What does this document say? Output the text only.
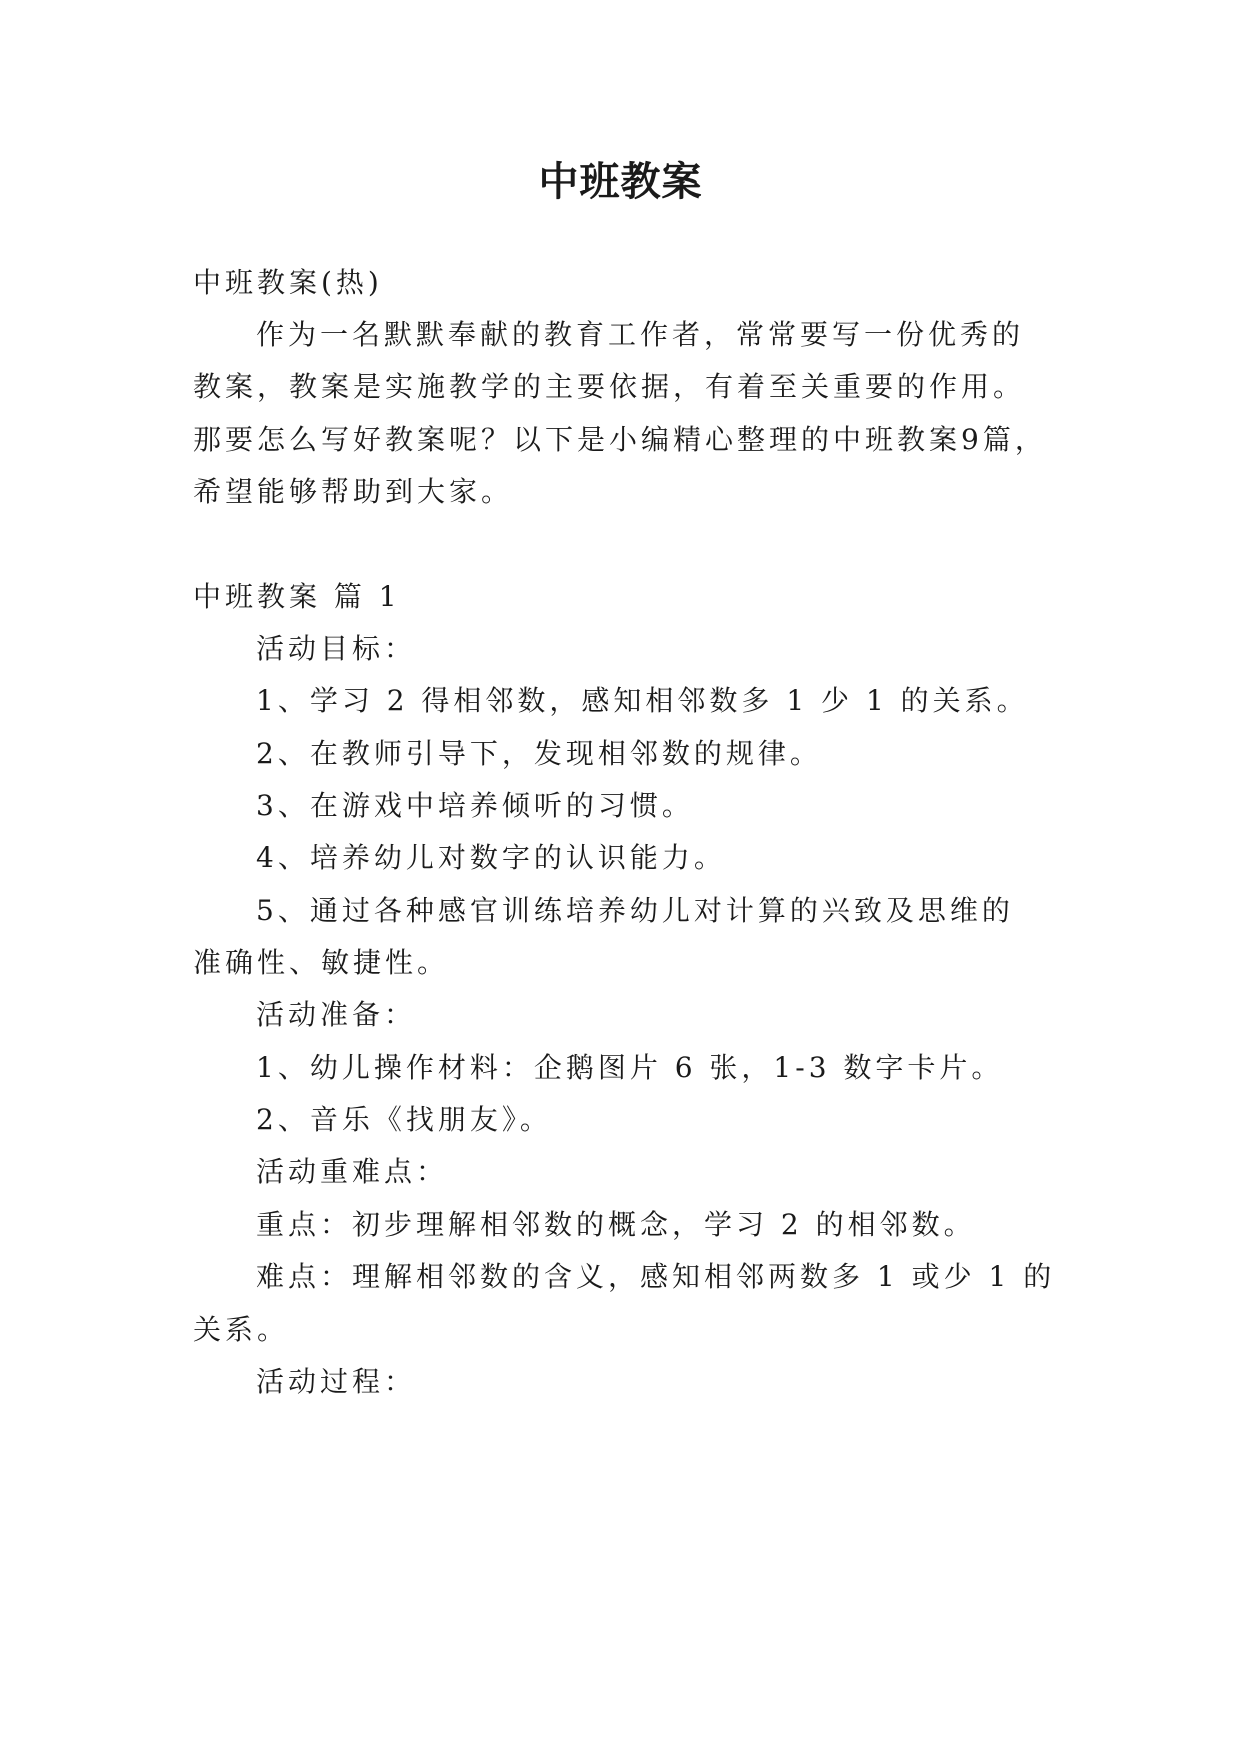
中班教案
中班教案(热)
作为一名默默奉献的教育工作者，常常要写一份优秀的
教案，教案是实施教学的主要依据，有着至关重要的作用。
那要怎么写好教案呢？以下是小编精心整理的中班教案9篇，
希望能够帮助到大家。
中班教案 篇 1
活动目标：
1、学习 2 得相邻数，感知相邻数多 1 少 1 的关系。
2、在教师引导下，发现相邻数的规律。
3、在游戏中培养倾听的习惯。
4、培养幼儿对数字的认识能力。
5、通过各种感官训练培养幼儿对计算的兴致及思维的
准确性、敏捷性。
活动准备：
1、幼儿操作材料：企鹅图片 6 张，1-3 数字卡片。
2、音乐《找朋友》。
活动重难点：
重点：初步理解相邻数的概念，学习 2 的相邻数。
难点：理解相邻数的含义，感知相邻两数多 1 或少 1 的
关系。
活动过程：
